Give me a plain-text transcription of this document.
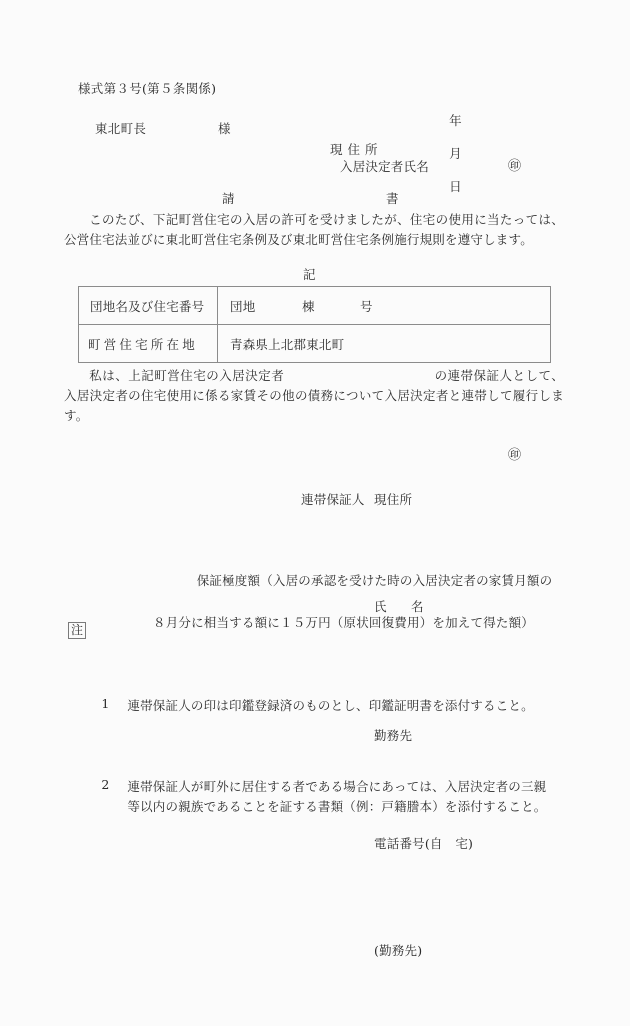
様式第３号(第５条関係)

年

月

日

東北町長	様
現住所
入居決定者氏名	㊞
請	書
このたび、下記町営住宅の入居の許可を受けましたが、住宅の使用に当たっては、公営住宅法並びに東北町営住宅条例及び東北町営住宅条例施行規則を遵守します。
記
団地名及び住宅番号	団地 棟 号
町営住宅所在地	青森県上北郡東北町
私は、上記町営住宅の入居決定者	の連帯保証人として、入居決定者の住宅使用に係る家賃その他の債務について入居決定者と連帯して履行します。

連帯保証人 現住所

氏　名

㊞

勤務先

電話番号(自　宅)

(勤務先)

保証極度額（入居の承認を受けた時の入居決定者の家賃月額の

８月分に相当する額に１５万円（原状回復費用）を加えて得た額）

注

1 連帯保証人の印は印鑑登録済のものとし、印鑑証明書を添付すること。

2 連帯保証人が町外に居住する者である場合にあっては、入居決定者の三親等以内の親族であることを証する書類（例：戸籍謄本）を添付すること。
